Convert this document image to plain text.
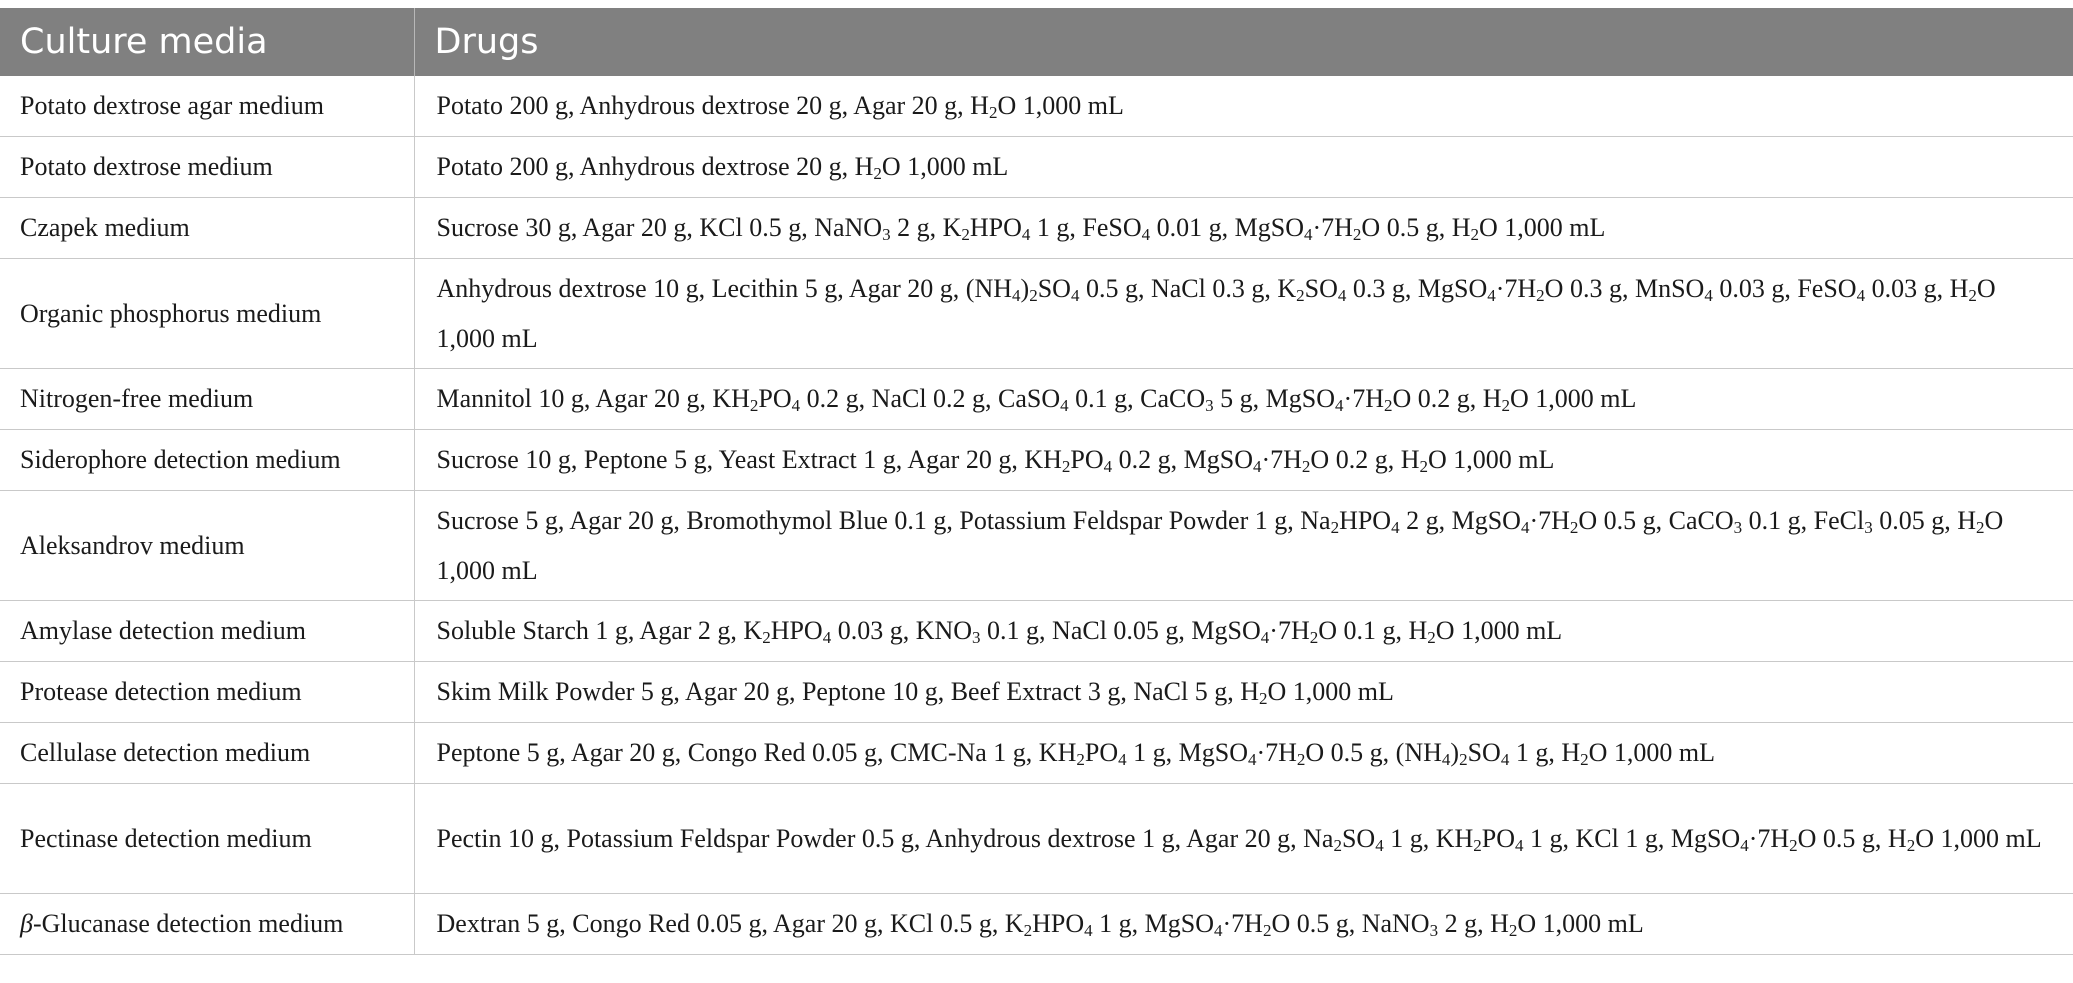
Culture media	Drugs
Potato dextrose agar medium	Potato 200 g, Anhydrous dextrose 20 g, Agar 20 g, $H_2O$ 1,000 mL
Potato dextrose medium	Potato 200 g, Anhydrous dextrose 20 g, $H_2O$ 1,000 mL
Czapek medium	Sucrose 30 g, Agar 20 g, KCl 0.5 g, NaNO$_3$ 2 g, $K_2HPO_4$ 1 g, FeSO$_4$ 0.01 g, $MgSO_4\cdot 7H_2O$ 0.5 g, $H_2O$ 1,000 mL
Organic phosphorus medium	Anhydrous dextrose 10 g, Lecithin 5 g, Agar 20 g, $(NH_4)_2SO_4$ 0.5 g, NaCl 0.3 g, $K_2SO_4$ 0.3 g, $MgSO_4\cdot 7H_2O$ 0.3 g, MnSO$_4$ 0.03 g, FeSO$_4$ 0.03 g, $H_2O$ 1,000 mL
Nitrogen-free medium	Mannitol 10 g, Agar 20 g, $KH_2PO_4$ 0.2 g, NaCl 0.2 g, CaSO$_4$ 0.1 g, CaCO$_3$ 5 g, $MgSO_4\cdot 7H_2O$ 0.2 g, $H_2O$ 1,000 mL
Siderophore detection medium	Sucrose 10 g, Peptone 5 g, Yeast Extract 1 g, Agar 20 g, $KH_2PO_4$ 0.2 g, $MgSO_4\cdot 7H_2O$ 0.2 g, $H_2O$ 1,000 mL
Aleksandrov medium	Sucrose 5 g, Agar 20 g, Bromothymol Blue 0.1 g, Potassium Feldspar Powder 1 g, $Na_2HPO_4$ 2 g, $MgSO_4\cdot 7H_2O$ 0.5 g, CaCO$_3$ 0.1 g, FeCl$_3$ 0.05 g, $H_2O$ 1,000 mL
Amylase detection medium	Soluble Starch 1 g, Agar 2 g, $K_2HPO_4$ 0.03 g, $KNO_3$ 0.1 g, NaCl 0.05 g, $MgSO_4\cdot 7H_2O$ 0.1 g, $H_2O$ 1,000 mL
Protease detection medium	Skim Milk Powder 5 g, Agar 20 g, Peptone 10 g, Beef Extract 3 g, NaCl 5 g, $H_2O$ 1,000 mL
Cellulase detection medium	Peptone 5 g, Agar 20 g, Congo Red 0.05 g, CMC-Na 1 g, $KH_2PO_4$ 1 g, $MgSO_4\cdot 7H_2O$ 0.5 g, $(NH_4)_2SO_4$ 1 g, $H_2O$ 1,000 mL
Pectinase detection medium	Pectin 10 g, Potassium Feldspar Powder 0.5 g, Anhydrous dextrose 1 g, Agar 20 g, $Na_2SO_4$ 1 g, $KH_2PO_4$ 1 g, KCl 1 g, $MgSO_4\cdot 7H_2O$ 0.5 g, $H_2O$ 1,000 mL
β-Glucanase detection medium	Dextran 5 g, Congo Red 0.05 g, Agar 20 g, KCl 0.5 g, $K_2HPO_4$ 1 g, $MgSO_4\cdot 7H_2O$ 0.5 g, NaNO$_3$ 2 g, $H_2O$ 1,000 mL
